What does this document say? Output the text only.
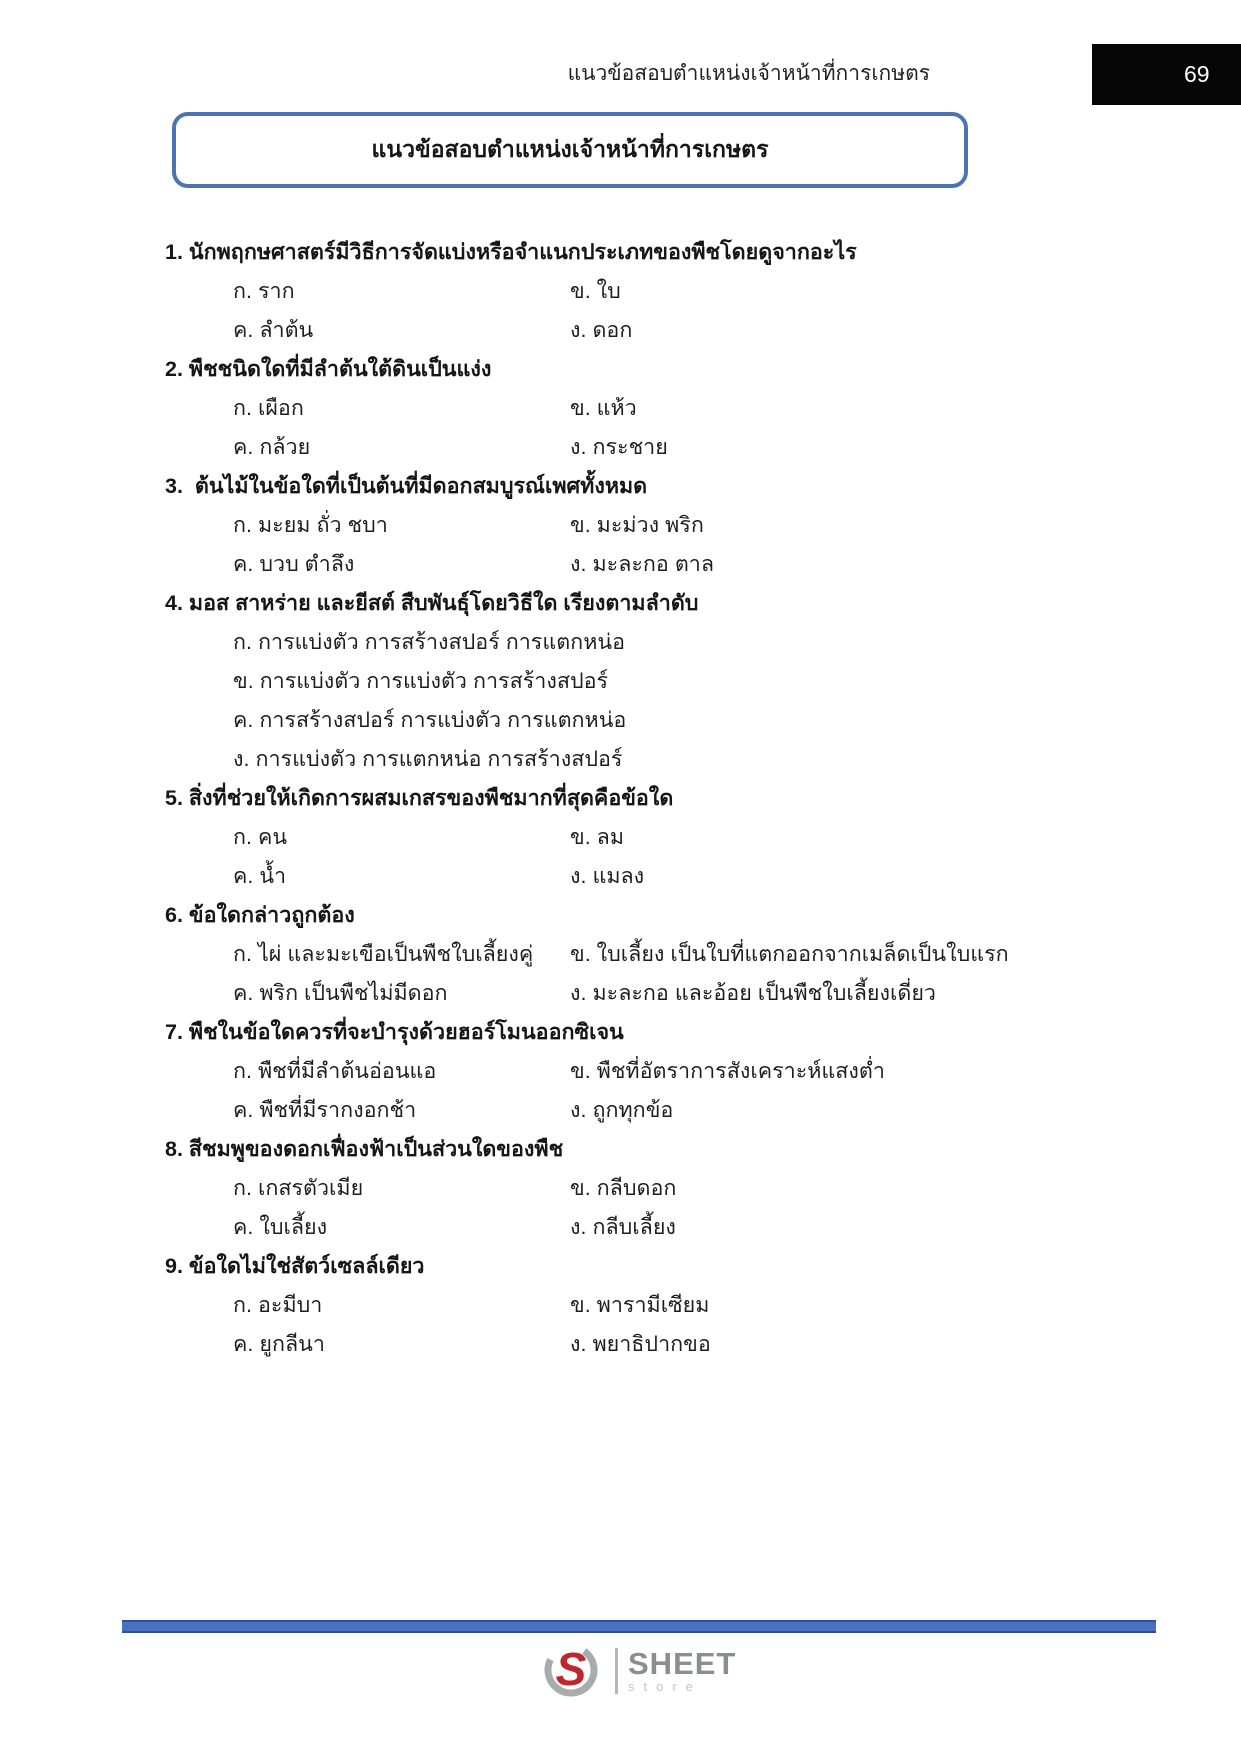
แนวข้อสอบตำแหน่งเจ้าหน้าที่การเกษตร	69
แนวข้อสอบตำแหน่งเจ้าหน้าที่การเกษตร
1. นักพฤกษศาสตร์มีวิธีการจัดแบ่งหรือจำแนกประเภทของพืชโดยดูจากอะไร
ก. ราก	ข. ใบ
ค. ลำต้น	ง. ดอก
2. พืชชนิดใดที่มีลำต้นใต้ดินเป็นแง่ง
ก. เผือก	ข. แห้ว
ค. กล้วย	ง. กระชาย
3. ต้นไม้ในข้อใดที่เป็นต้นที่มีดอกสมบูรณ์เพศทั้งหมด
ก. มะยม ถั่ว ชบา	ข. มะม่วง พริก
ค. บวบ ตำลึง	ง. มะละกอ ตาล
4. มอส สาหร่าย และยีสต์ สืบพันธุ์โดยวิธีใด เรียงตามลำดับ
ก. การแบ่งตัว การสร้างสปอร์ การแตกหน่อ
ข. การแบ่งตัว การแบ่งตัว การสร้างสปอร์
ค. การสร้างสปอร์ การแบ่งตัว การแตกหน่อ
ง. การแบ่งตัว การแตกหน่อ การสร้างสปอร์
5. สิ่งที่ช่วยให้เกิดการผสมเกสรของพืชมากที่สุดคือข้อใด
ก. คน	ข. ลม
ค. น้ำ	ง. แมลง
6. ข้อใดกล่าวถูกต้อง
ก. ไผ่ และมะเขือเป็นพืชใบเลี้ยงคู่	ข. ใบเลี้ยง เป็นใบที่แตกออกจากเมล็ดเป็นใบแรก
ค. พริก เป็นพืชไม่มีดอก	ง. มะละกอ และอ้อย เป็นพืชใบเลี้ยงเดี่ยว
7. พืชในข้อใดควรที่จะบำรุงด้วยฮอร์โมนออกซิเจน
ก. พืชที่มีลำต้นอ่อนแอ	ข. พืชที่อัตราการสังเคราะห์แสงต่ำ
ค. พืชที่มีรากงอกช้า	ง. ถูกทุกข้อ
8. สีชมพูของดอกเฟื่องฟ้าเป็นส่วนใดของพืช
ก. เกสรตัวเมีย	ข. กลีบดอก
ค. ใบเลี้ยง	ง. กลีบเลี้ยง
9. ข้อใดไม่ใช่สัตว์เซลล์เดียว
ก. อะมีบา	ข. พารามีเซียม
ค. ยูกลีนา	ง. พยาธิปากขอ
S SHEET
store
